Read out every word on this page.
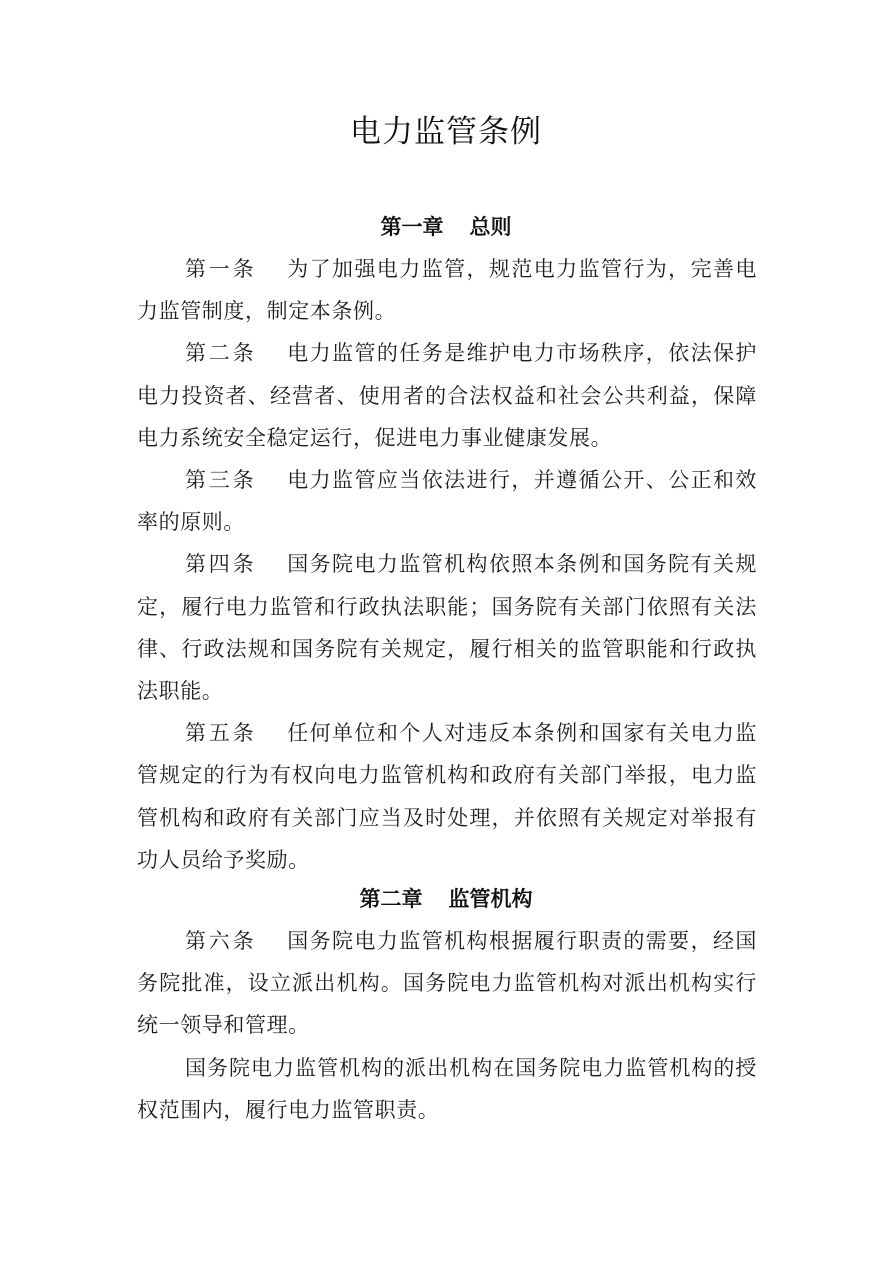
电力监管条例
第一章 总则

第一条 为了加强电力监管，规范电力监管行为，完善电力监管制度，制定本条例。

第二条 电力监管的任务是维护电力市场秩序，依法保护电力投资者、经营者、使用者的合法权益和社会公共利益，保障电力系统安全稳定运行，促进电力事业健康发展。

第三条 电力监管应当依法进行，并遵循公开、公正和效率的原则。

第四条 国务院电力监管机构依照本条例和国务院有关规定，履行电力监管和行政执法职能；国务院有关部门依照有关法律、行政法规和国务院有关规定，履行相关的监管职能和行政执法职能。

第五条 任何单位和个人对违反本条例和国家有关电力监管规定的行为有权向电力监管机构和政府有关部门举报，电力监管机构和政府有关部门应当及时处理，并依照有关规定对举报有功人员给予奖励。

第二章 监管机构

第六条 国务院电力监管机构根据履行职责的需要，经国务院批准，设立派出机构。国务院电力监管机构对派出机构实行统一领导和管理。

国务院电力监管机构的派出机构在国务院电力监管机构的授权范围内，履行电力监管职责。
